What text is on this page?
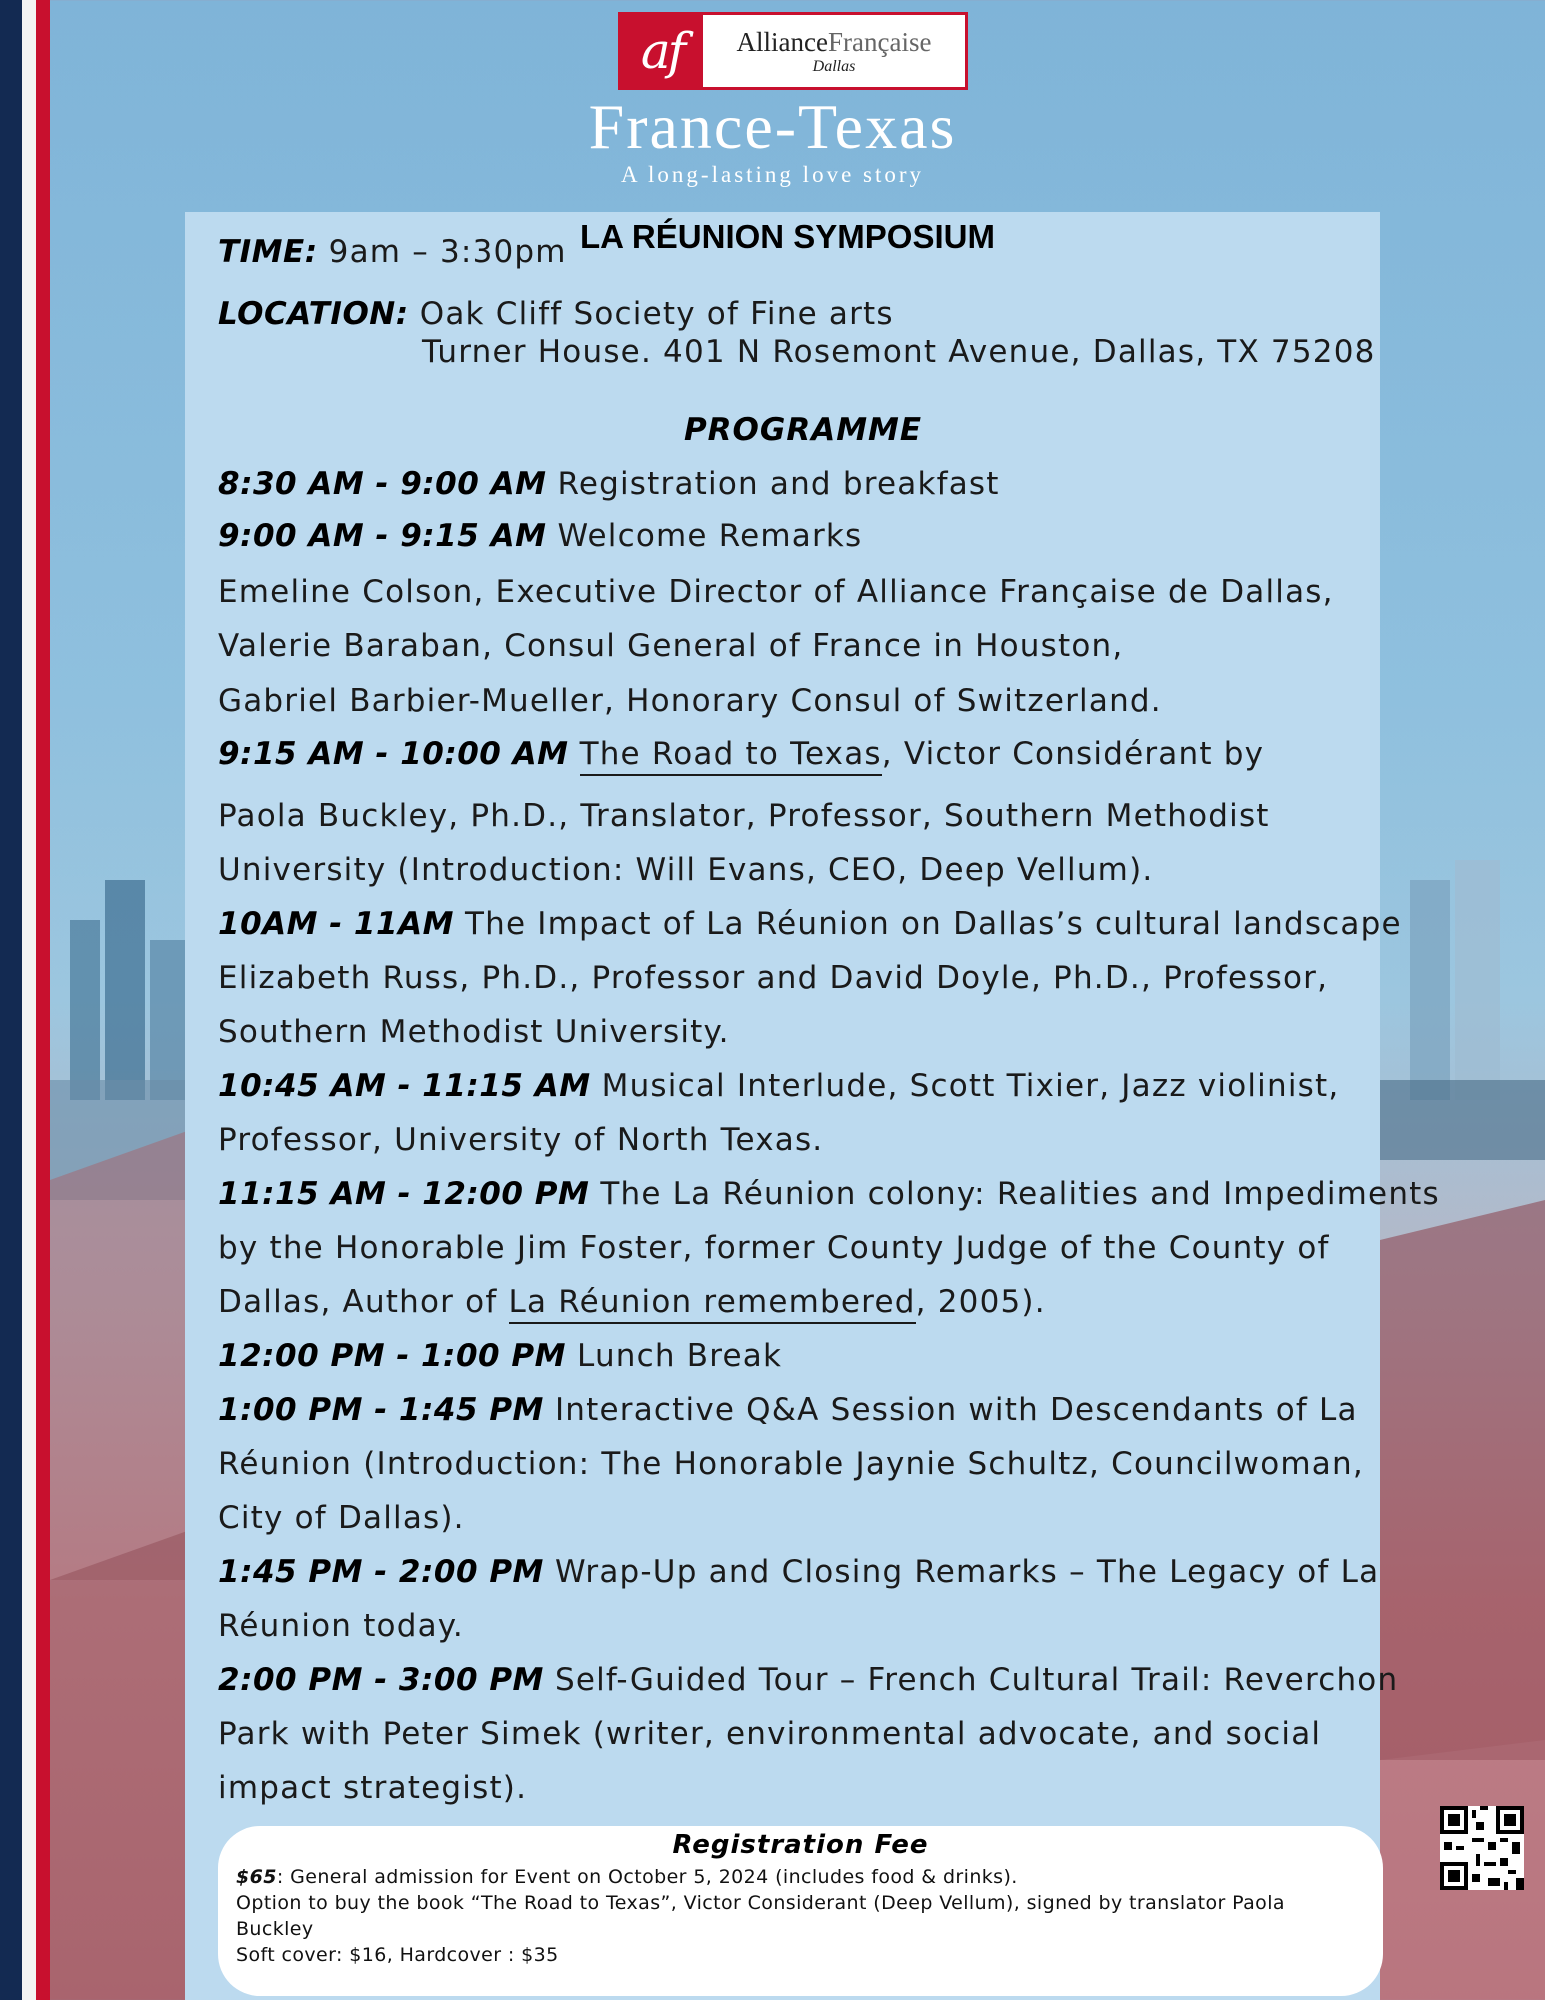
af	AllianceFrançaise
Dallas
France-Texas
A long-lasting love story
TIME: 9am – 3:30pm LA RÉUNION SYMPOSIUM
LOCATION: Oak Cliff Society of Fine arts
Turner House. 401 N Rosemont Avenue, Dallas, TX 75208
PROGRAMME
8:30 AM - 9:00 AM Registration and breakfast
9:00 AM - 9:15 AM Welcome Remarks
Emeline Colson, Executive Director of Alliance Française de Dallas,
Valerie Baraban, Consul General of France in Houston,
Gabriel Barbier-Mueller, Honorary Consul of Switzerland.
9:15 AM - 10:00 AM The Road to Texas, Victor Considérant by
Paola Buckley, Ph.D., Translator, Professor, Southern Methodist
University (Introduction: Will Evans, CEO, Deep Vellum).
10AM - 11AM The Impact of La Réunion on Dallas’s cultural landscape
Elizabeth Russ, Ph.D., Professor and David Doyle, Ph.D., Professor,
Southern Methodist University.
10:45 AM - 11:15 AM Musical Interlude, Scott Tixier, Jazz violinist,
Professor, University of North Texas.
11:15 AM - 12:00 PM The La Réunion colony: Realities and Impediments
by the Honorable Jim Foster, former County Judge of the County of
Dallas, Author of La Réunion remembered, 2005).
12:00 PM - 1:00 PM Lunch Break
1:00 PM - 1:45 PM Interactive Q&A Session with Descendants of La
Réunion (Introduction: The Honorable Jaynie Schultz, Councilwoman,
City of Dallas).
1:45 PM - 2:00 PM Wrap-Up and Closing Remarks – The Legacy of La
Réunion today.
2:00 PM - 3:00 PM Self-Guided Tour – French Cultural Trail: Reverchon
Park with Peter Simek (writer, environmental advocate, and social
impact strategist).
Registration Fee
$65: General admission for Event on October 5, 2024 (includes food & drinks).
Option to buy the book “The Road to Texas”, Victor Considerant (Deep Vellum), signed by translator Paola
Buckley
Soft cover: $16, Hardcover : $35
